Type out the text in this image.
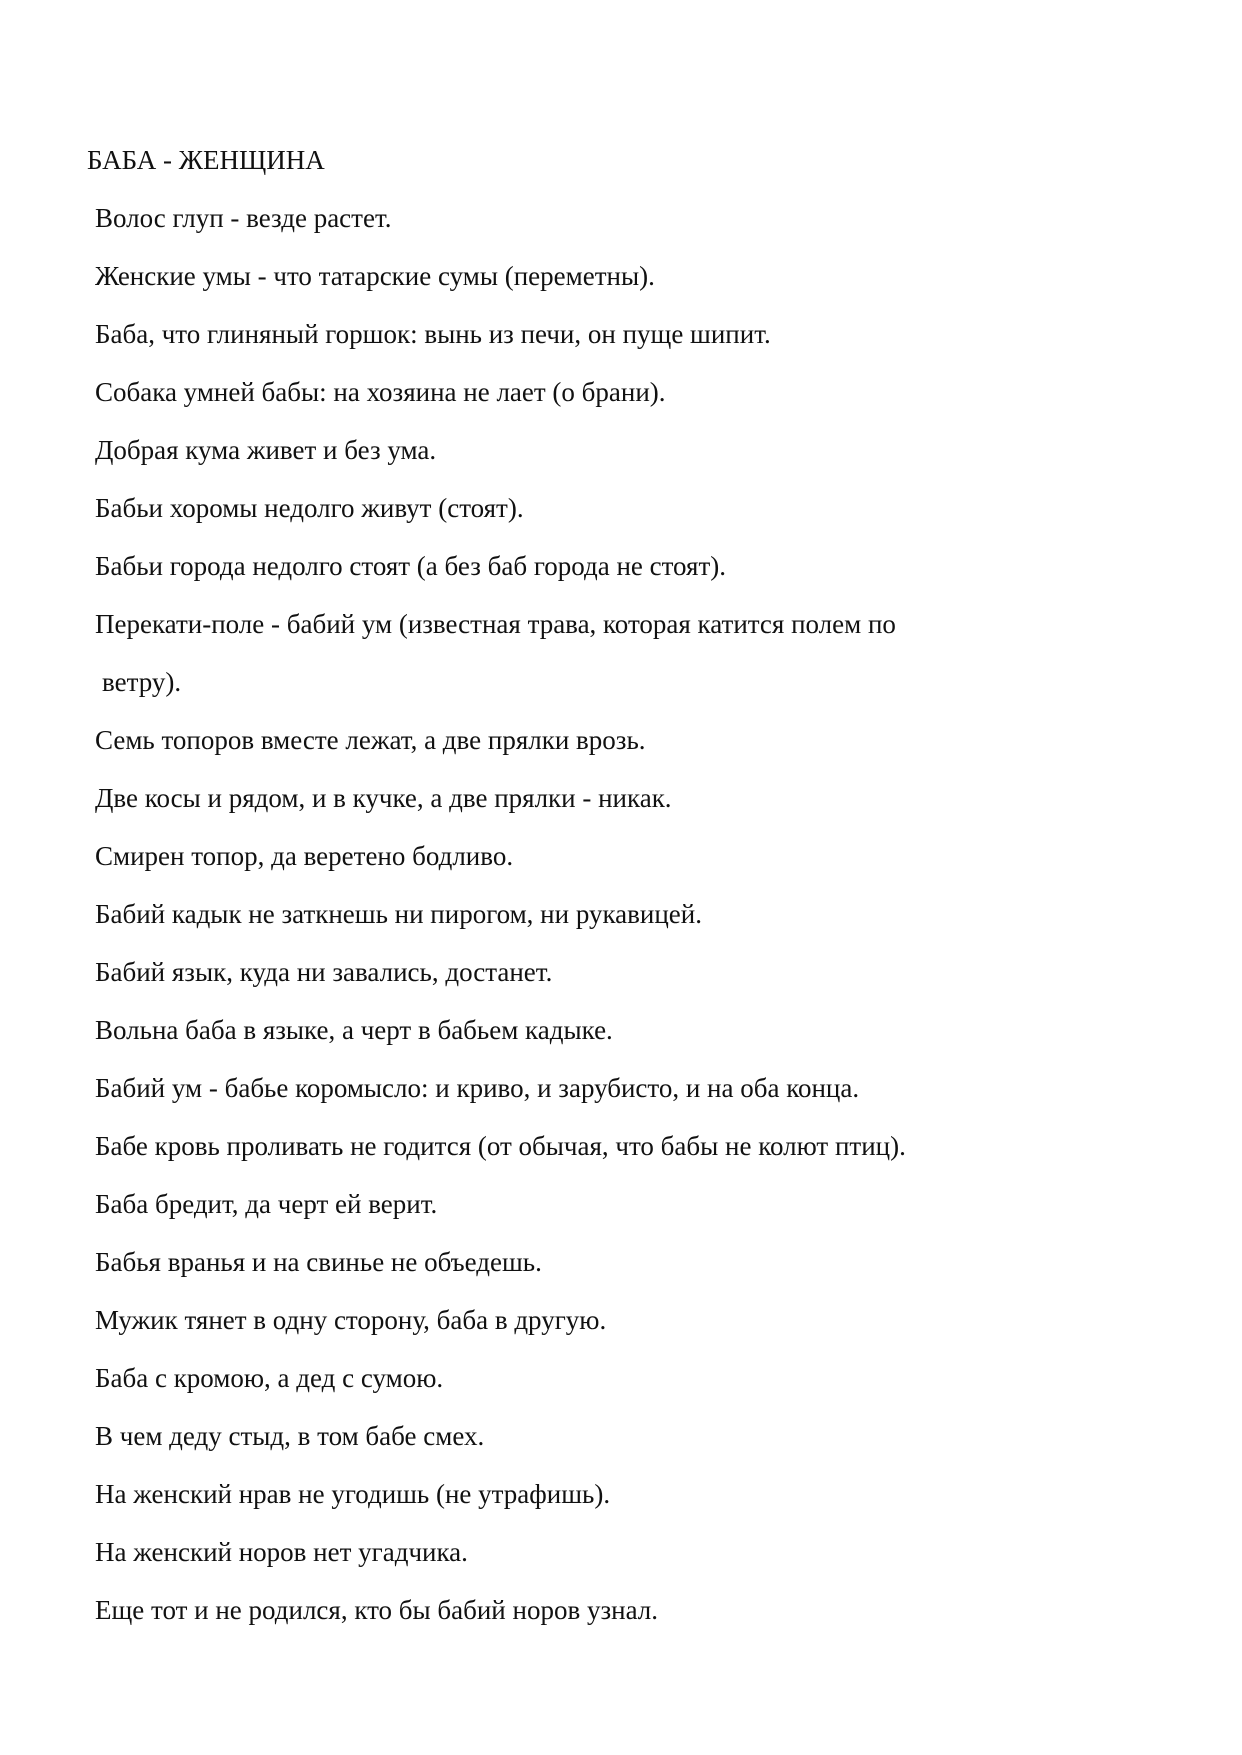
БАБА - ЖЕНЩИНА
Волос глуп - везде растет.
Женские умы - что татарские сумы (переметны).
Баба, что глиняный горшок: вынь из печи, он пуще шипит.
Собака умней бабы: на хозяина не лает (о брани).
Добрая кума живет и без ума.
Бабьи хоромы недолго живут (стоят).
Бабьи города недолго стоят (а без баб города не стоят).
Перекати-поле - бабий ум (известная трава, которая катится полем по
ветру).
Семь топоров вместе лежат, а две прялки врозь.
Две косы и рядом, и в кучке, а две прялки - никак.
Смирен топор, да веретено бодливо.
Бабий кадык не заткнешь ни пирогом, ни рукавицей.
Бабий язык, куда ни завались, достанет.
Вольна баба в языке, а черт в бабьем кадыке.
Бабий ум - бабье коромысло: и криво, и зарубисто, и на оба конца.
Бабе кровь проливать не годится (от обычая, что бабы не колют птиц).
Баба бредит, да черт ей верит.
Бабья вранья и на свинье не объедешь.
Мужик тянет в одну сторону, баба в другую.
Баба с кромою, а дед с сумою.
В чем деду стыд, в том бабе смех.
На женский нрав не угодишь (не утрафишь).
На женский норов нет угадчика.
Еще тот и не родился, кто бы бабий норов узнал.
